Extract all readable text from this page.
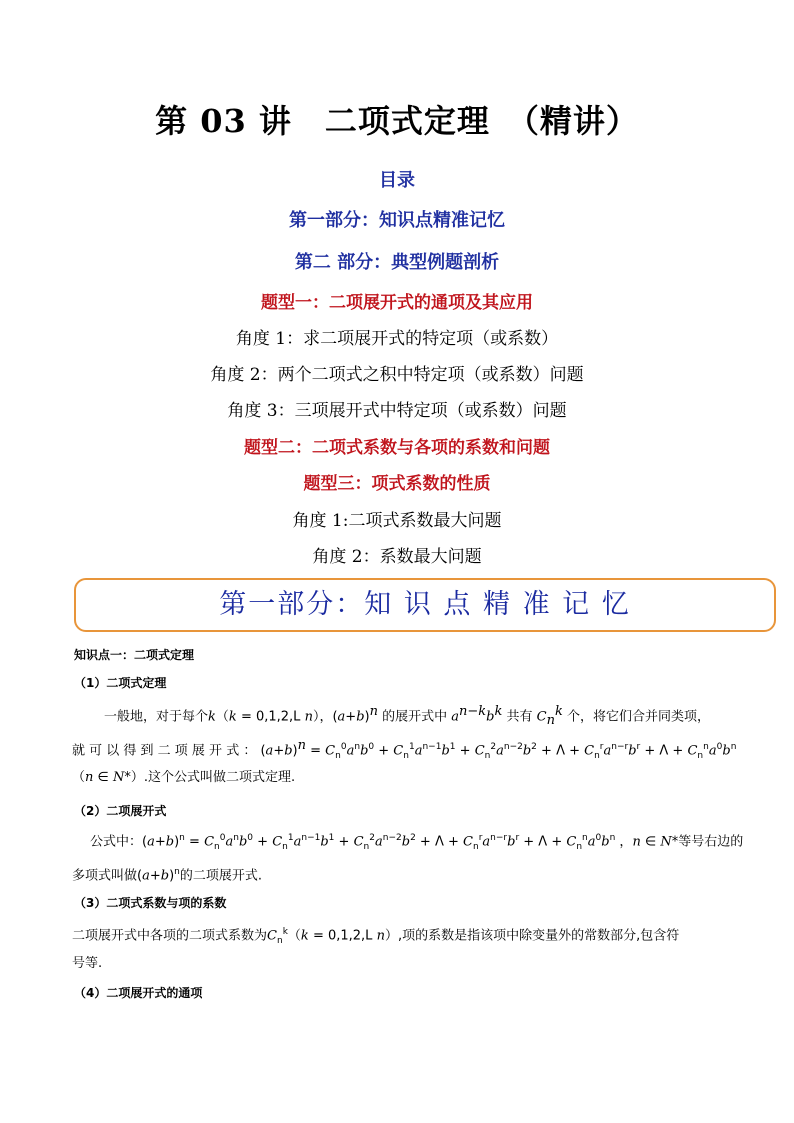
第 03 讲　二项式定理　（精讲）
目录
第一部分：知识点精准记忆
第二 部分：典型例题剖析
题型一：二项展开式的通项及其应用
角度 1：求二项展开式的特定项（或系数）
角度 2：两个二项式之积中特定项（或系数）问题
角度 3：三项展开式中特定项（或系数）问题
题型二：二项式系数与各项的系数和问题
题型三：项式系数的性质
角度 1:二项式系数最大问题
角度 2：系数最大问题
第一部分：知 识 点 精 准 记 忆
知识点一：二项式定理
（1）二项式定理
一般地，对于每个k（k = 0,1,2,L n），$(a+b)^n$ 的展开式中 $a^{n-k}b^k$ 共有 $C_n^k$ 个，将它们合并同类项，
就 可 以 得 到 二 项 展 开 式 ： $(a+b)^n = C_n^0a^nb^0 + C_n^1a^{n-1}b^1 + C_n^2a^{n-2}b^2 + \Lambda + C_n^ra^{n-r}b^r + \Lambda + C_n^na^0b^n$
（n ∈ N*）.这个公式叫做二项式定理.
（2）二项展开式
公式中：$(a+b)^n = C_n^0a^nb^0 + C_n^1a^{n-1}b^1 + C_n^2a^{n-2}b^2 + \Lambda + C_n^ra^{n-r}b^r + \Lambda + C_n^na^0b^n$ ，n ∈ N*等号右边的
多项式叫做$(a+b)^n$的二项展开式.
（3）二项式系数与项的系数
二项展开式中各项的二项式系数为$C_n^k(k = 0,1,2,L$ n）,项的系数是指该项中除变量外的常数部分,包含符
号等.
（4）二项展开式的通项
